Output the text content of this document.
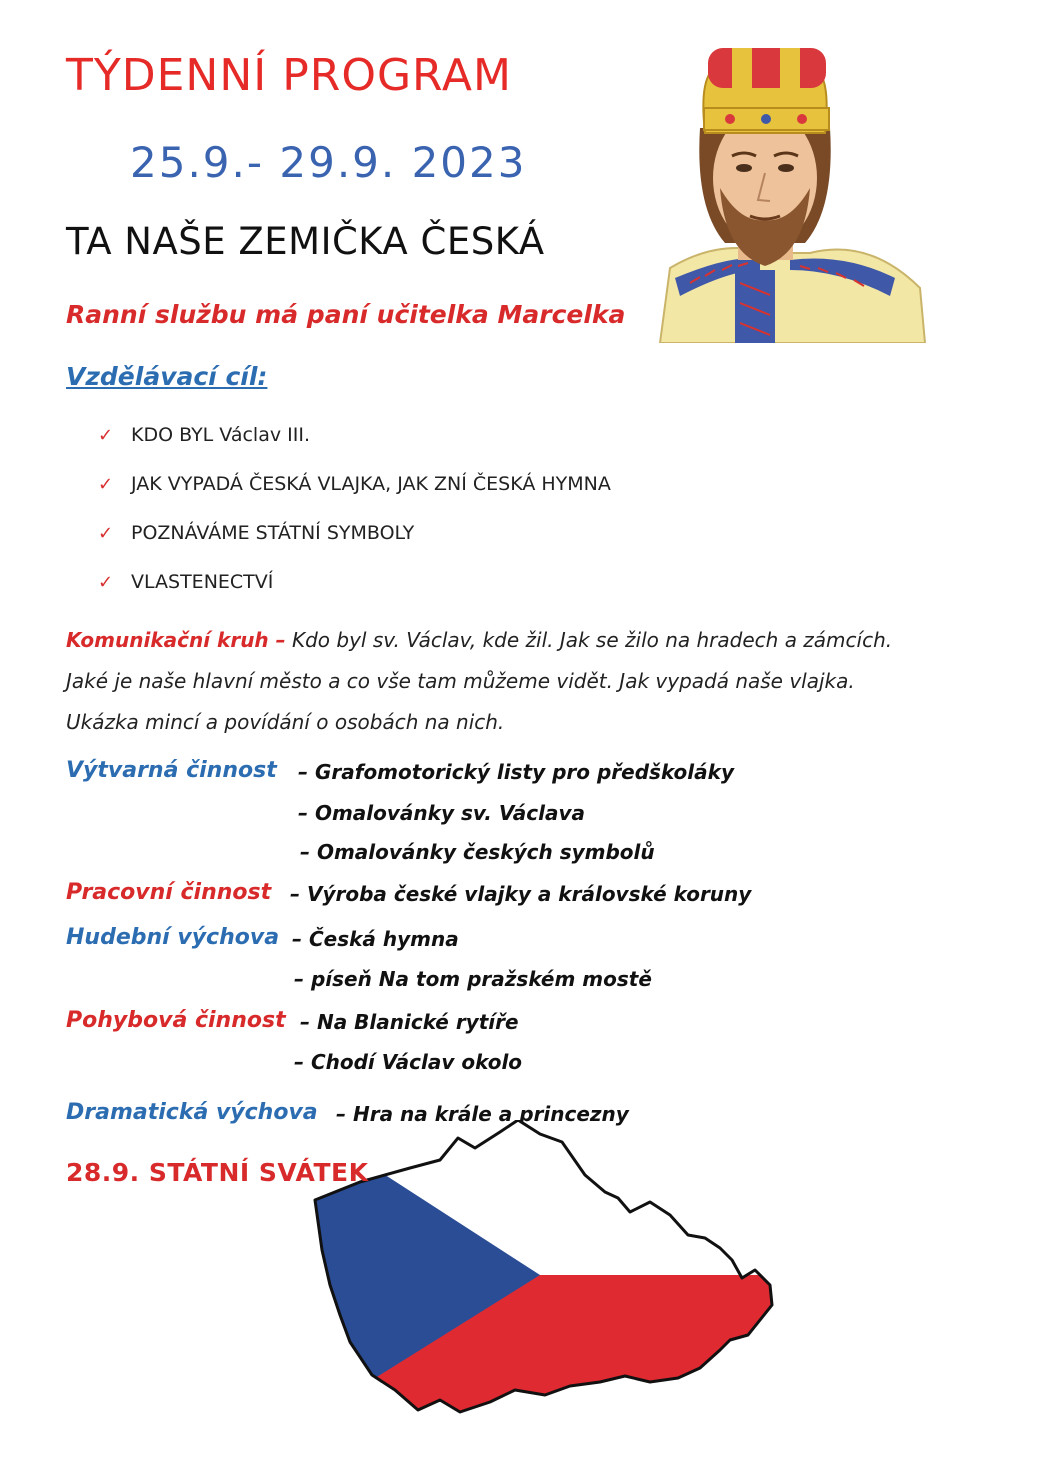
TÝDENNÍ PROGRAM
25.9.- 29.9. 2023
TA NAŠE ZEMIČKA ČESKÁ
Ranní službu má paní učitelka Marcelka
Vzdělávací cíl:
✓ KDO BYL Václav III.
✓ JAK VYPADÁ ČESKÁ VLAJKA, JAK ZNÍ ČESKÁ HYMNA
✓ POZNÁVÁME STÁTNÍ SYMBOLY
✓ VLASTENECTVÍ
Komunikační kruh – Kdo byl sv. Václav, kde žil. Jak se žilo na hradech a zámcích.
Jaké je naše hlavní město a co vše tam můžeme vidět. Jak vypadá naše vlajka.
Ukázka mincí a povídání o osobách na nich.
Výtvarná činnost – Grafomotorický listy pro předškoláky
– Omalovánky sv. Václava
– Omalovánky českých symbolů
Pracovní činnost – Výroba české vlajky a královské koruny
Hudební výchova – Česká hymna
– píseň Na tom pražském mostě
Pohybová činnost – Na Blanické rytíře
– Chodí Václav okolo
Dramatická výchova – Hra na krále a princezny
28.9. STÁTNÍ SVÁTEK
